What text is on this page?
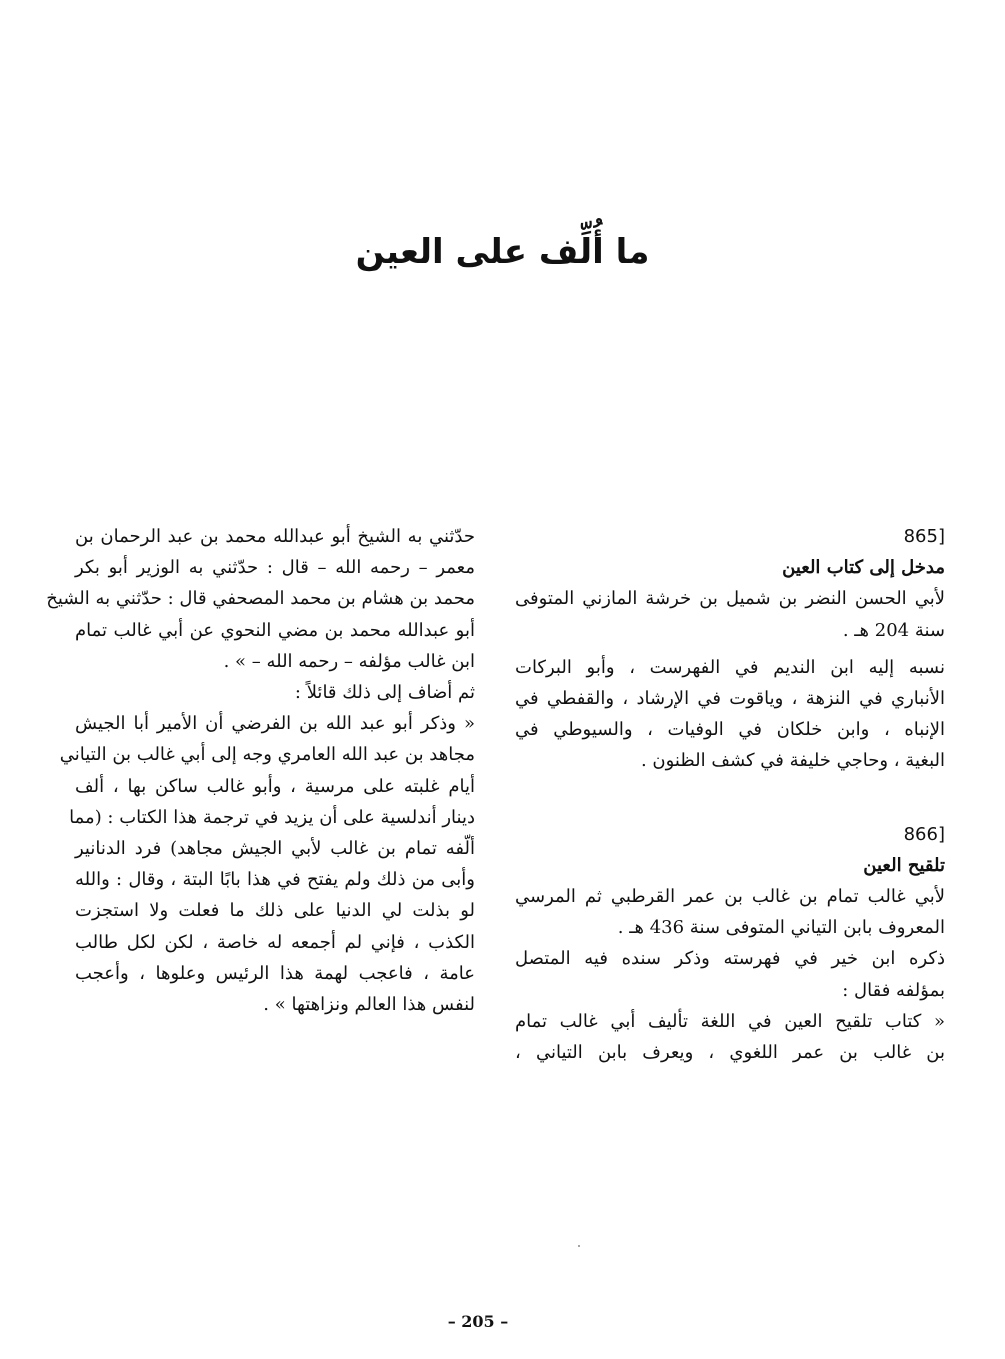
ما أُلِّف على العين
حدّثني به الشيخ أبو عبدالله محمد بن عبد الرحمان بن
معمر – رحمه الله – قال : حدّثني به الوزير أبو بكر
محمد بن هشام بن محمد المصحفي قال : حدّثني به الشيخ
أبو عبدالله محمد بن مضي النحوي عن أبي غالب تمام
ابن غالب مؤلفه – رحمه الله – » .
ثم أضاف إلى ذلك قائلاً :
« وذكر أبو عبد الله بن الفرضي أن الأمير أبا الجيش
مجاهد بن عبد الله العامري وجه إلى أبي غالب بن التياني
أيام غلبته على مرسية ، وأبو غالب ساكن بها ، ألف
دينار أندلسية على أن يزيد في ترجمة هذا الكتاب : (مما
ألّفه تمام بن غالب لأبي الجيش مجاهد) فرد الدنانير
وأبى من ذلك ولم يفتح في هذا بابًا البتة ، وقال : والله
لو بذلت لي الدنيا على ذلك ما فعلت ولا استجزت
الكذب ، فإني لم أجمعه له خاصة ، لكن لكل طالب
عامة ، فاعجب لهمة هذا الرئيس وعلوها ، وأعجب
لنفس هذا العالم ونزاهتها » .
[865
مدخل إلى كتاب العين
لأبي الحسن النضر بن شميل بن خرشة المازني المتوفى
سنة 204 هـ .
نسبه إليه ابن النديم في الفهرست ، وأبو البركات
الأنباري في النزهة ، وياقوت في الإرشاد ، والقفطي في
الإنباه ، وابن خلكان في الوفيات ، والسيوطي في
البغية ، وحاجي خليفة في كشف الظنون .
[866
تلقيح العين
لأبي غالب تمام بن غالب بن عمر القرطبي ثم المرسي
المعروف بابن التياني المتوفى سنة 436 هـ .
ذكره ابن خير في فهرسته وذكر سنده فيه المتصل
بمؤلفه فقال :
« كتاب تلقيح العين في اللغة تأليف أبي غالب تمام
بن غالب بن عمر اللغوي ، ويعرف بابن التياني ،
– 205 –
